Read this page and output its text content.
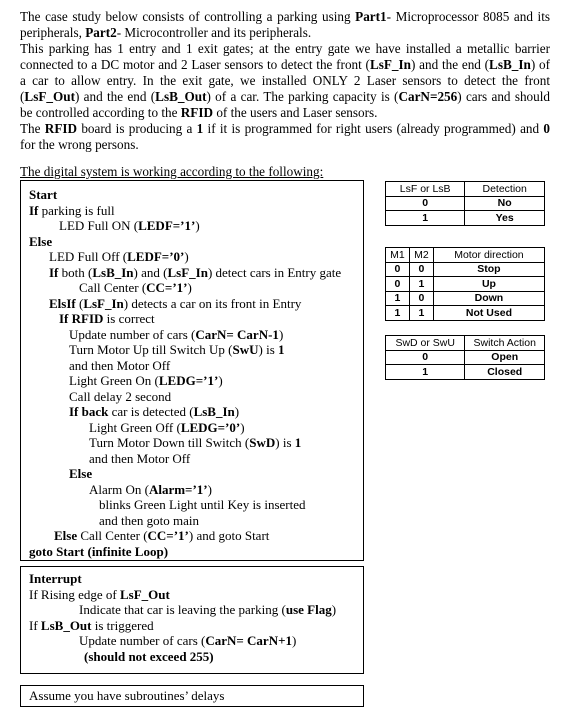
The case study below consists of controlling a parking using Part1- Microprocessor 8085 and its peripherals, Part2- Microcontroller and its peripherals.

This parking has 1 entry and 1 exit gates; at the entry gate we have installed a metallic barrier connected to a DC motor and 2 Laser sensors to detect the front (LsF_In) and the end (LsB_In) of a car to allow entry. In the exit gate, we installed ONLY 2 Laser sensors to detect the front (LsF_Out) and the end (LsB_Out) of a car. The parking capacity is (CarN=256) cars and should be controlled according to the RFID of the users and Laser sensors.

The RFID board is producing a 1 if it is programmed for right users (already programmed) and 0 for the wrong persons.

The digital system is working according to the following:
Start
If parking is full
LED Full ON (LEDF=’1’)
Else
LED Full Off (LEDF=’0’)
If both (LsB_In) and (LsF_In) detect cars in Entry gate
Call Center (CC=’1’)
ElsIf (LsF_In) detects a car on its front in Entry
If RFID is correct
Update number of cars (CarN= CarN-1)
Turn Motor Up till Switch Up (SwU) is 1
and then Motor Off
Light Green On (LEDG=’1’)
Call delay 2 second
If back car is detected (LsB_In)
Light Green Off (LEDG=’0’)
Turn Motor Down till Switch (SwD) is 1
and then Motor Off
Else
Alarm On (Alarm=’1’)
blinks Green Light until Key is inserted
and then goto main
Else Call Center (CC=’1’) and goto Start
goto Start (infinite Loop)
Interrupt
If Rising edge of LsF_Out
Indicate that car is leaving the parking (use Flag)
If LsB_Out is triggered
Update number of cars (CarN= CarN+1)
(should not exceed 255)
Assume you have subroutines’ delays
LsF or LsB	Detection
0	No
1	Yes
M1	M2	Motor direction
0	0	Stop
0	1	Up
1	0	Down
1	1	Not Used
SwD or SwU	Switch Action
0	Open
1	Closed
